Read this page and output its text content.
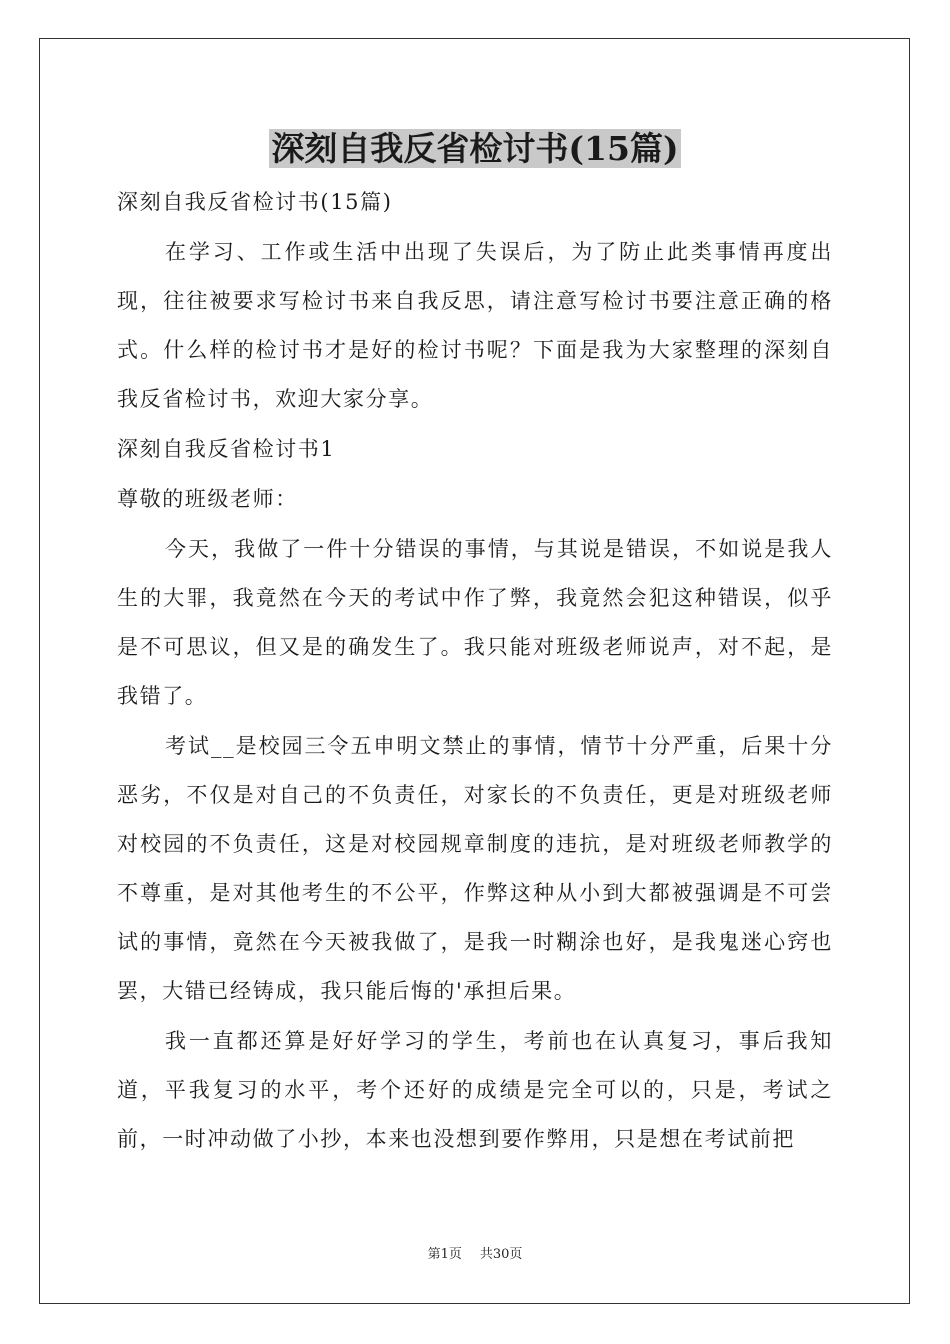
深刻自我反省检讨书(15篇)

深刻自我反省检讨书(15篇)

在学习、工作或生活中出现了失误后，为了防止此类事情再度出现，往往被要求写检讨书来自我反思，请注意写检讨书要注意正确的格式。什么样的检讨书才是好的检讨书呢？下面是我为大家整理的深刻自我反省检讨书，欢迎大家分享。

深刻自我反省检讨书1

尊敬的班级老师：

今天，我做了一件十分错误的事情，与其说是错误，不如说是我人生的大罪，我竟然在今天的考试中作了弊，我竟然会犯这种错误，似乎是不可思议，但又是的确发生了。我只能对班级老师说声，对不起，是我错了。

考试__是校园三令五申明文禁止的事情，情节十分严重，后果十分恶劣，不仅是对自己的不负责任，对家长的不负责任，更是对班级老师对校园的不负责任，这是对校园规章制度的违抗，是对班级老师教学的不尊重，是对其他考生的不公平，作弊这种从小到大都被强调是不可尝试的事情，竟然在今天被我做了，是我一时糊涂也好，是我鬼迷心窍也罢，大错已经铸成，我只能后悔的'承担后果。

我一直都还算是好好学习的学生，考前也在认真复习，事后我知道，平我复习的水平，考个还好的成绩是完全可以的，只是，考试之前，一时冲动做了小抄，本来也没想到要作弊用，只是想在考试前把

第1页 共30页
